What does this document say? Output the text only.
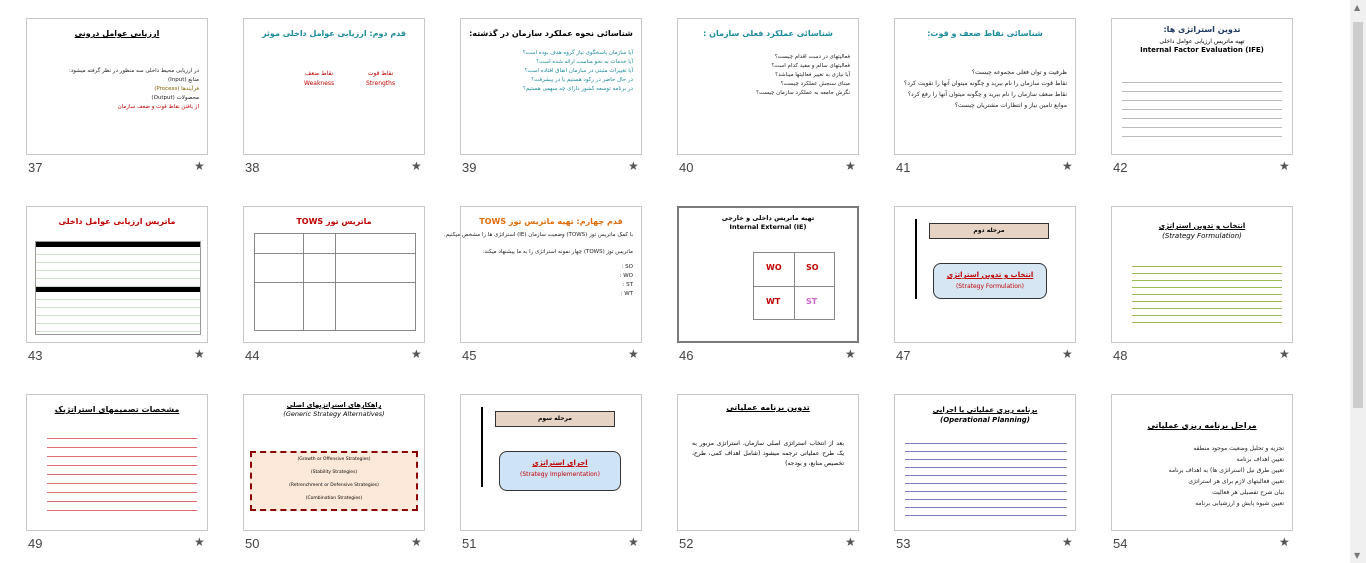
ارزیابی عوامل درونی
در ارزیابی محیط داخلی سه منظور در نظر گرفته میشود:
منابع (Input)
فرآیندها (Process)
محصولات (Output)
از یافتن نقاط قوت و ضعف سازمان
37	★
قدم دوم: ارزیابی عوامل داخلی موثر
نقاط ضعف
Weakness
نقاط قوت
Strengths
38	★
شناسائی نحوه عملکرد سازمان در گذشته:
آیا سازمان پاسخگوی نیاز گروه هدف بوده است؟
آیا خدمات به نحو مناسب ارائه شده است؟
آیا تغییرات مثبتی در سازمان اتفاق افتاده است؟
در حال حاضر در رکود هستیم یا در پیشرفت؟
در برنامه توسعه کشور دارای چه سهمی هستیم؟
39	★
شناسائی عملکرد فعلی سازمان :
فعالیتهای در دست اقدام چیست؟
فعالیتهای سالم و مفید کدام است؟
آیا نیازی به تغییر فعالیتها میباشد؟
مبنای سنجش عملکرد چیست؟
نگرش جامعه به عملکرد سازمان چیست؟
40	★
شناسائی نقاط ضعف و قوت:
ظرفیت و توان فعلی مجموعه چیست؟
نقاط قوت سازمان را نام ببرید و چگونه میتوان آنها را تقویت کرد؟
نقاط ضعف سازمان را نام ببرید و چگونه میتوان آنها را رفع کرد؟
موانع تامین نیاز و انتظارات مشتریان چیست؟
41	★
تدوین استراتژی ها:
تهیه ماتریس ارزیابی عوامل داخلی
Internal Factor Evaluation (IFE)
42	★
ماتریس ارزیابی عوامل داخلی
43	★
ماتریس توز TOWS
44	★
قدم چهارم: تهیه ماتریس توز TOWS
با کمک ماتریس توز (TOWS) وضعیت سازمان (IE) استراتژی ها را مشخص میکنیم.
ماتریس توز (TOWS) چهار نمونه استراتژی را به ما پیشنهاد میکند:
SO :
WO :
ST :
WT :
45	★
تهیه ماتریس داخلی و خارجی
Internal External (IE)
WO	SO
WT	ST
46	★
مرحله دوم
انتخاب و تدوین استراتژی
(Strategy Formulation)
47	★
انتخاب و تدوین استراتژی
(Strategy Formulation)
48	★
مشخصات تصمیمهای استراتژیک
49	★
راهکارهای استراتژیهای اصلی
(Generic Strategy Alternatives)
(Growth or Offensive Strategies)
(Stability Strategies)
(Retrenchment or Defensive Strategies)
(Combination Strategies)
50	★
مرحله سوم
اجرای استراتژی
(Strategy Implementation)
51	★
تدوین برنامه عملیاتی
بعد از انتخاب استراتژی اصلی سازمان، استراتژی مزبور به یک طرح عملیاتی ترجمه میشود (شامل اهداف کمی، طرح، تخصیص منابع، و بودجه)
52	★
برنامه ریزی عملیاتی یا اجرایی
(Operational Planning)
53	★
مراحل برنامه ریزی عملیاتی
تجزیه و تحلیل وضعیت موجود منطقه
تعیین اهداف برنامه
تعیین طرق نیل (استراتژی ها) به اهداف برنامه
تعیین فعالیتهای لازم برای هر استراتژی
بیان شرح تفصیلی هر فعالیت
تعیین شیوه پایش و ارزشیابی برنامه
54	★
▲
▼
